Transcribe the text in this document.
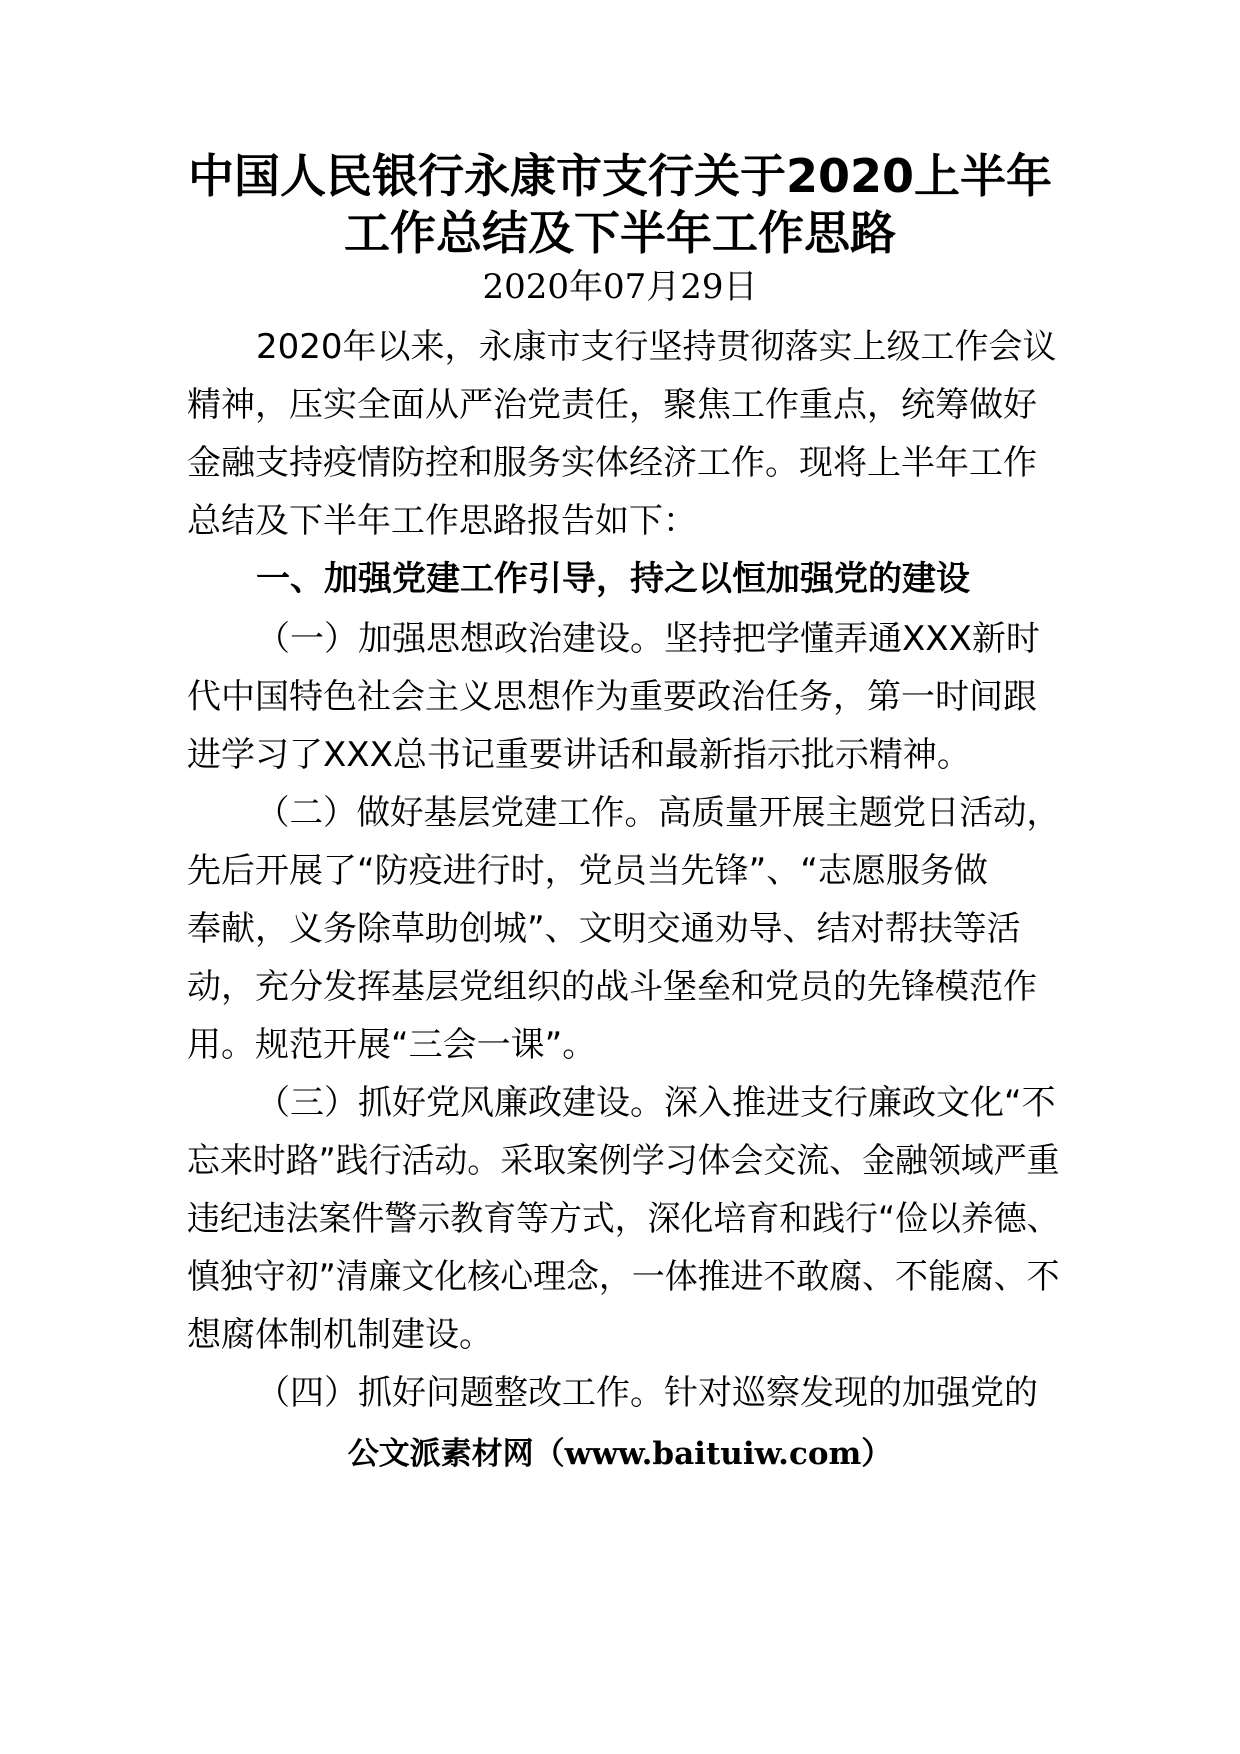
中国人民银行永康市支行关于2020上半年
工作总结及下半年工作思路
2020年07月29日
2020年以来，永康市支行坚持贯彻落实上级工作会议
精神，压实全面从严治党责任，聚焦工作重点，统筹做好
金融支持疫情防控和服务实体经济工作。现将上半年工作
总结及下半年工作思路报告如下：
一、加强党建工作引导，持之以恒加强党的建设
（一）加强思想政治建设。坚持把学懂弄通XXX新时
代中国特色社会主义思想作为重要政治任务，第一时间跟
进学习了XXX总书记重要讲话和最新指示批示精神。
（二）做好基层党建工作。高质量开展主题党日活动，
先后开展了“防疫进行时，党员当先锋”、“志愿服务做
奉献，义务除草助创城”、文明交通劝导、结对帮扶等活
动，充分发挥基层党组织的战斗堡垒和党员的先锋模范作
用。规范开展“三会一课”。
（三）抓好党风廉政建设。深入推进支行廉政文化“不
忘来时路”践行活动。采取案例学习体会交流、金融领域严重
违纪违法案件警示教育等方式，深化培育和践行“俭以养德、
慎独守初”清廉文化核心理念，一体推进不敢腐、不能腐、不
想腐体制机制建设。
（四）抓好问题整改工作。针对巡察发现的加强党的
公文派素材网（www.baituiw.com）
